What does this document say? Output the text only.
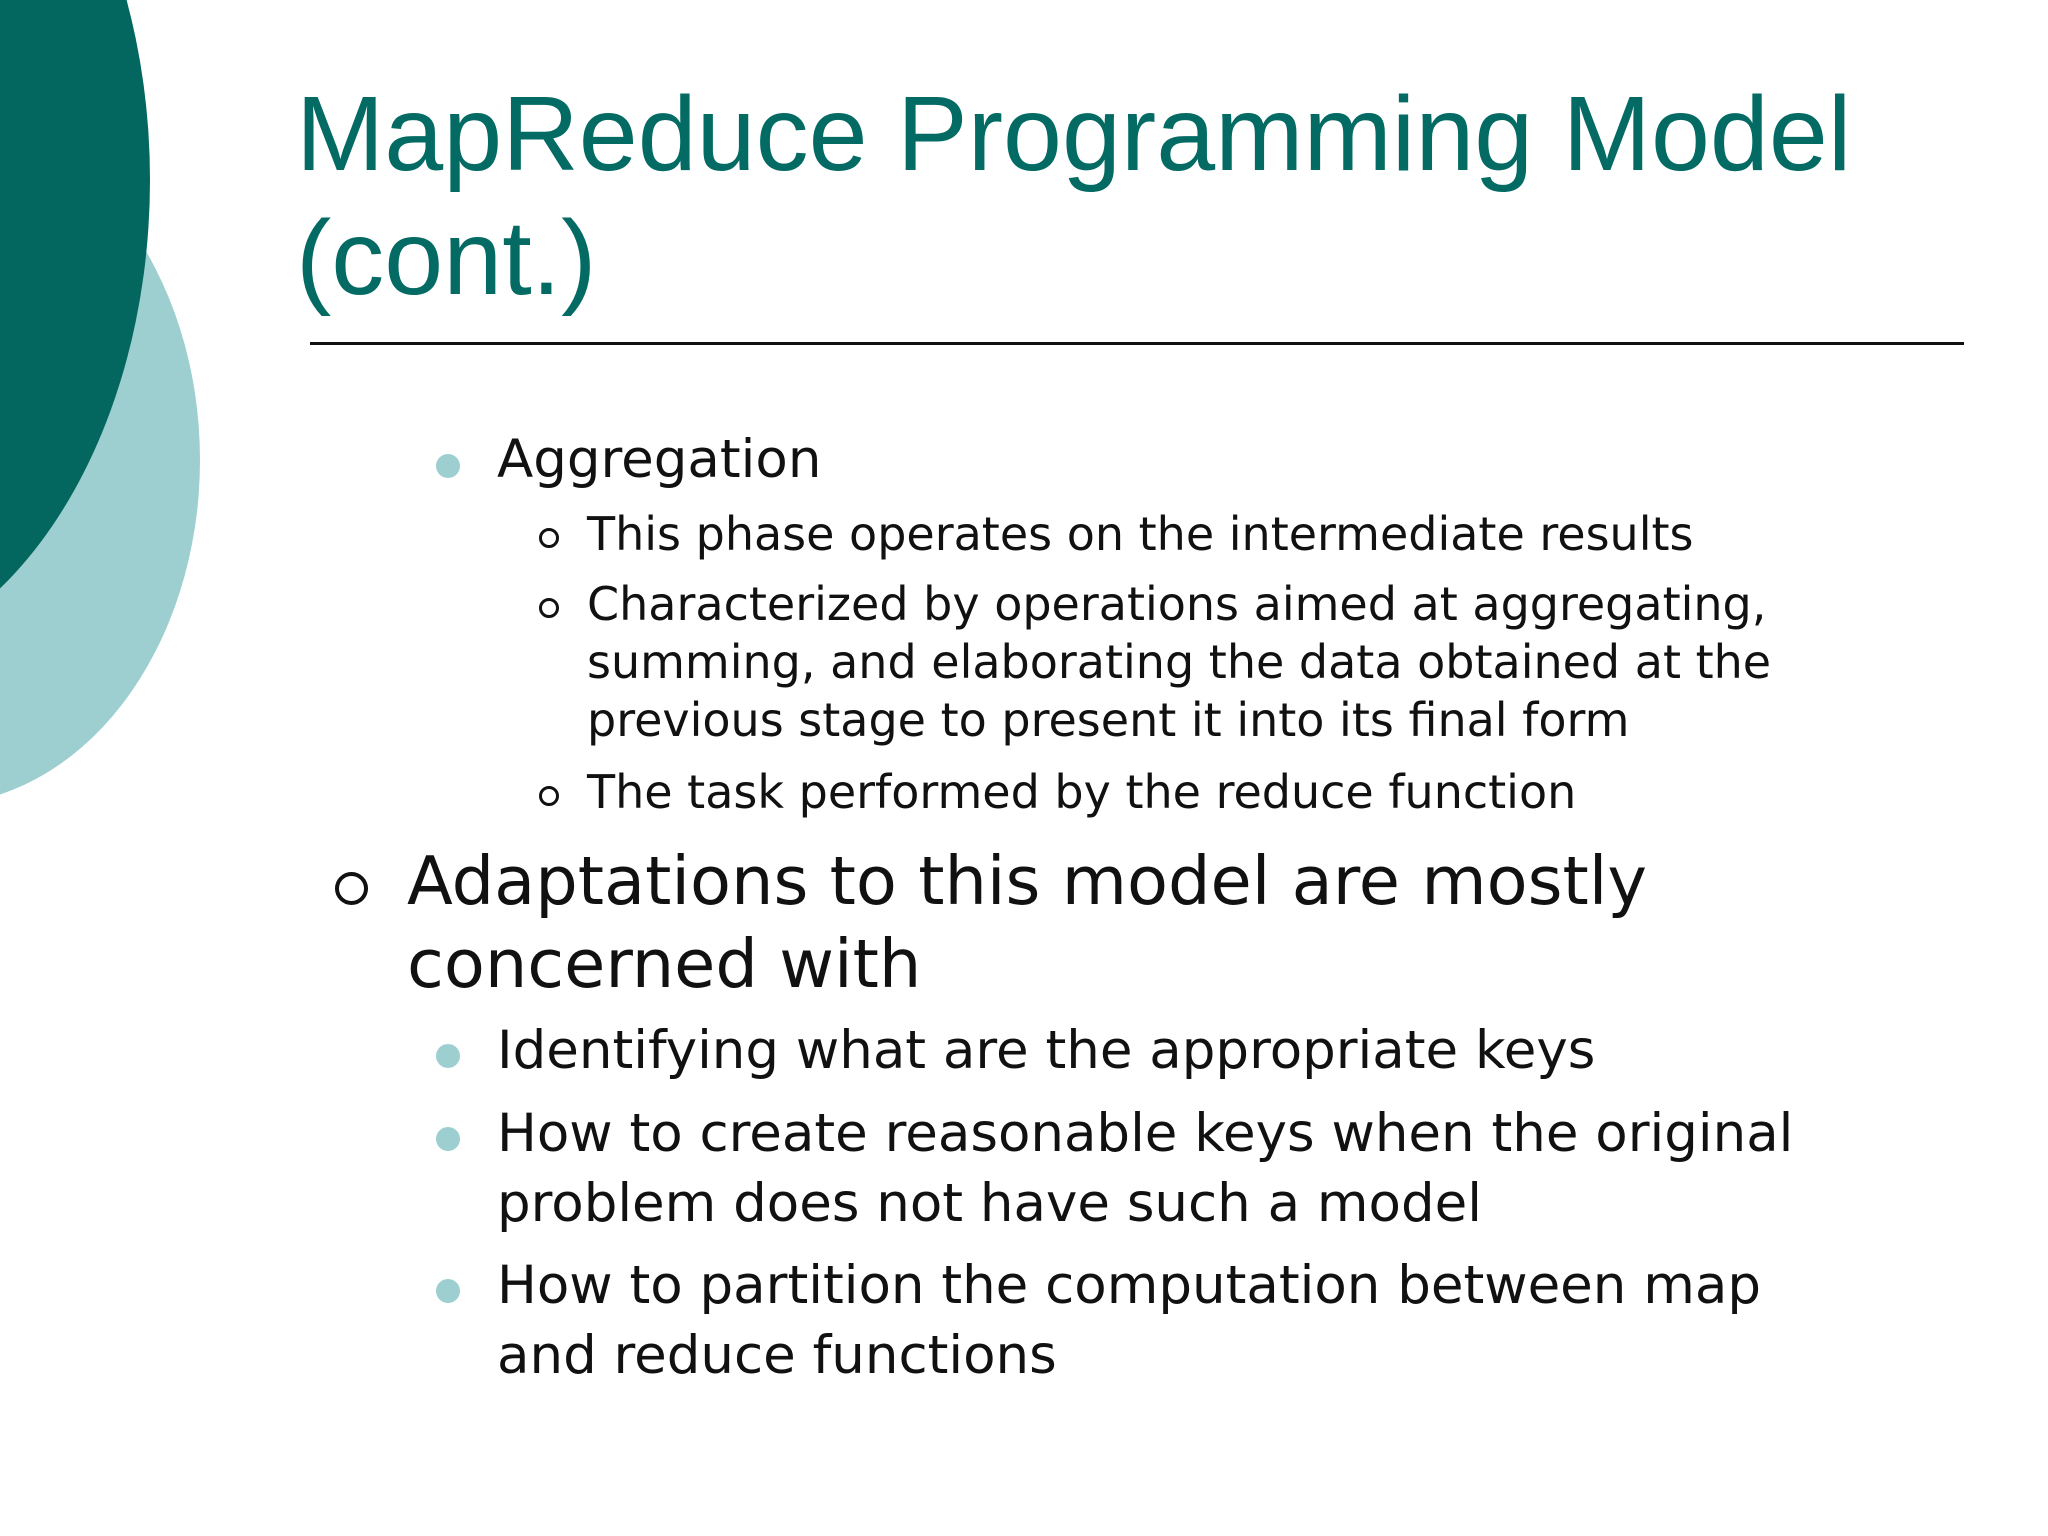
MapReduce Programming Model
(cont.)

Aggregation

This phase operates on the intermediate results

Characterized by operations aimed at aggregating,

summing, and elaborating the data obtained at the

previous stage to present it into its final form

The task performed by the reduce function

Adaptations to this model are mostly

concerned with

Identifying what are the appropriate keys

How to create reasonable keys when the original

problem does not have such a model

How to partition the computation between map

and reduce functions
